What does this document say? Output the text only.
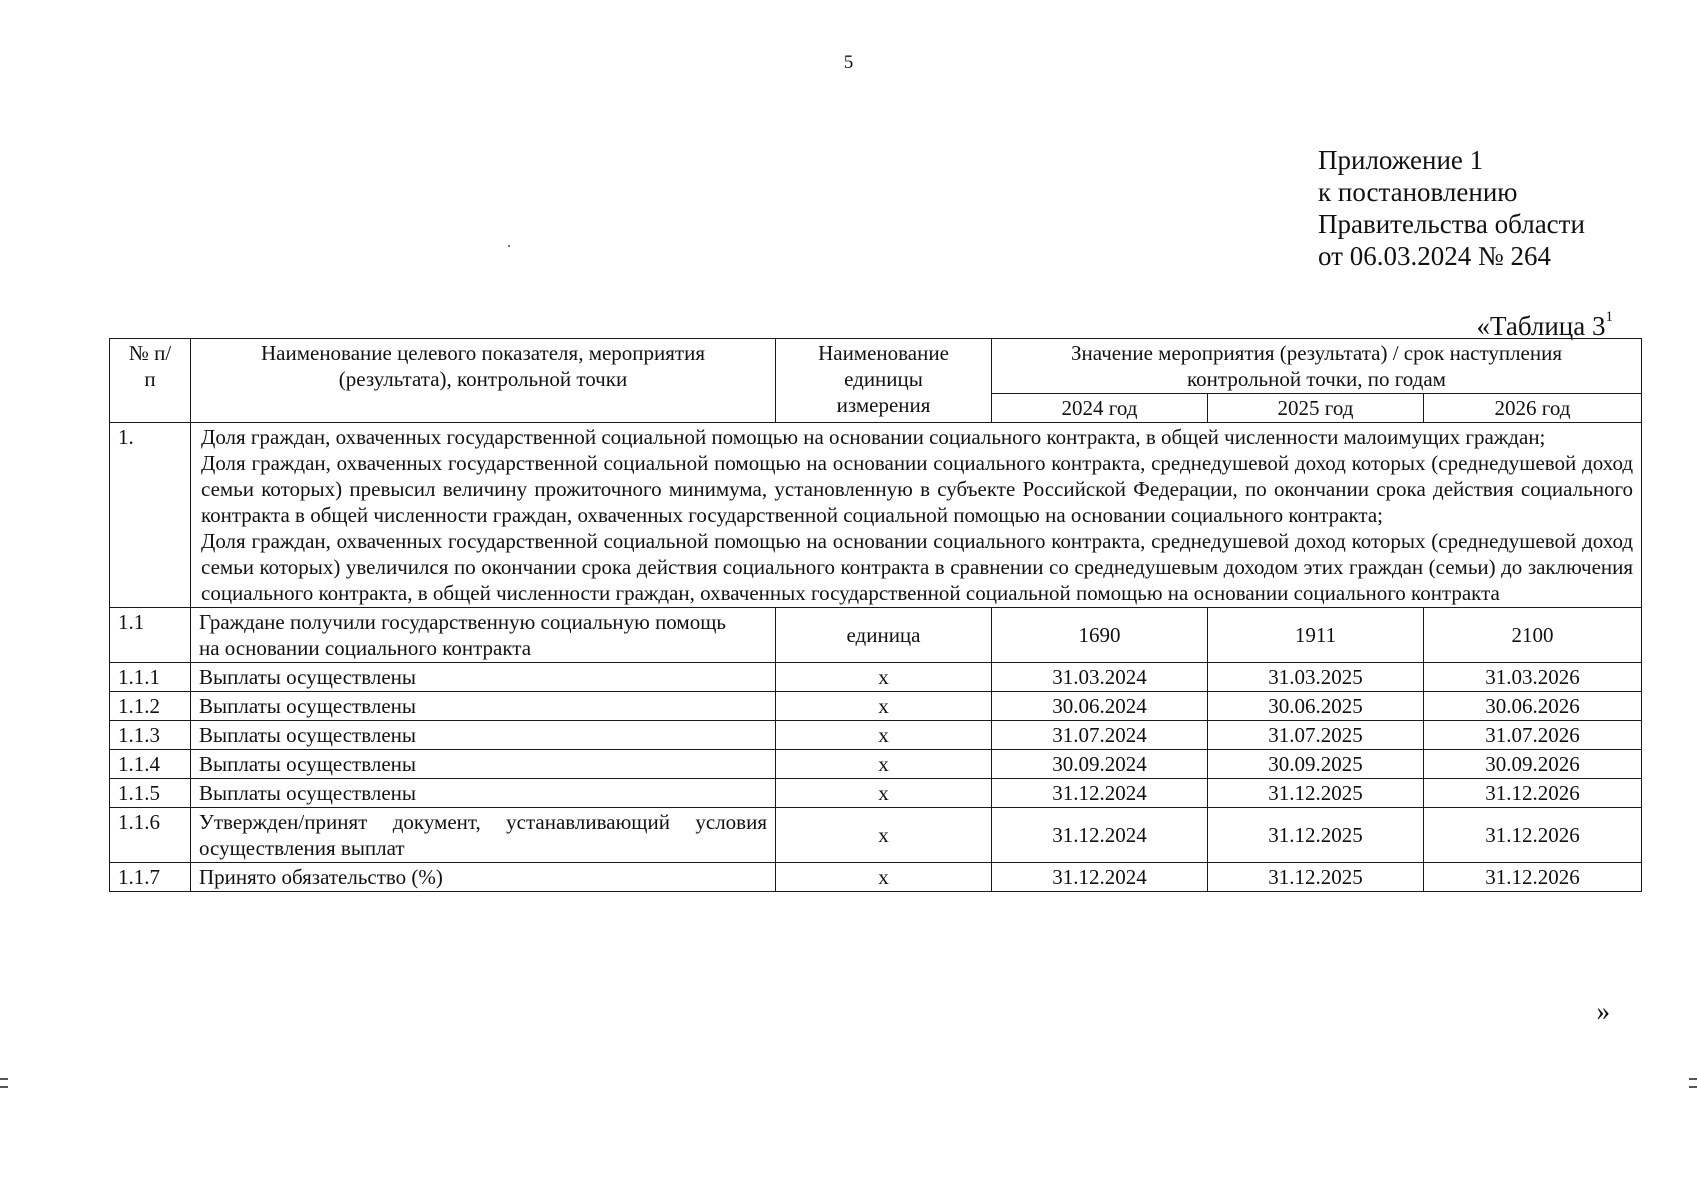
5
Приложение 1
к постановлению
Правительства области
от 06.03.2024 № 264
«Таблица $3^1$
№ п/п	Наименование целевого показателя, мероприятия (результата), контрольной точки	Наименование единицы измерения	Значение мероприятия (результата) / срок наступления контрольной точки, по годам		
			2024 год	2025 год	2026 год
1.	Доля граждан, охваченных государственной социальной помощью на основании социального контракта, в общей численности малоимущих граждан;
Доля граждан, охваченных государственной социальной помощью на основании социального контракта, среднедушевой доход которых (среднедушевой доход семьи которых) превысил величину прожиточного минимума, установленную в субъекте Российской Федерации, по окончании срока действия социального контракта в общей численности граждан, охваченных государственной социальной помощью на основании социального контракта;
Доля граждан, охваченных государственной социальной помощью на основании социального контракта, среднедушевой доход которых (среднедушевой доход семьи которых) увеличился по окончании срока действия социального контракта в сравнении со среднедушевым доходом этих граждан (семьи) до заключения социального контракта, в общей численности граждан, охваченных государственной социальной помощью на основании социального контракта				

1.1	Граждане получили государственную социальную помощь на основании социального контракта	единица	1690	1911	2100
1.1.1	Выплаты осуществлены	х	31.03.2024	31.03.2025	31.03.2026
1.1.2	Выплаты осуществлены	х	30.06.2024	30.06.2025	30.06.2026
1.1.3	Выплаты осуществлены	х	31.07.2024	31.07.2025	31.07.2026
1.1.4	Выплаты осуществлены	х	30.09.2024	30.09.2025	30.09.2026
1.1.5	Выплаты осуществлены	х	31.12.2024	31.12.2025	31.12.2026
1.1.6	Утвержден/принят документ, устанавливающий условия осуществления выплат	х	31.12.2024	31.12.2025	31.12.2026
1.1.7	Принято обязательство (%)	х	31.12.2024	31.12.2025	31.12.2026
»
